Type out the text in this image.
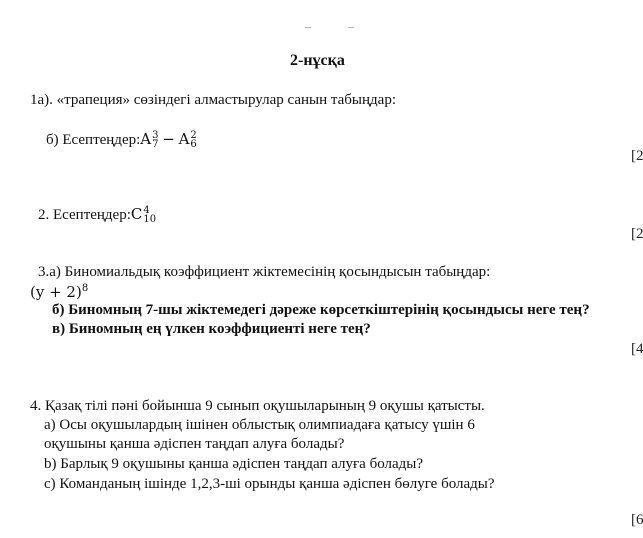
2-нұсқа
1а). «трапеция» сөзіндегі алмастырулар санын табыңдар:
б) Есептеңдер:A 3
7 − A 2
6
[2
2. Есептеңдер:C 4
10
[2
3.а) Биномиальдық коэффициент жіктемесінің қосындысын табыңдар:
$(y + 2)^8$
б) Биномның 7-шы жіктемедегі дәреже көрсеткіштерінің қосындысы неге тең?
в) Биномның ең үлкен коэффициенті неге тең?
[4
4. Қазақ тілі пәні бойынша 9 сынып оқушыларының 9 оқушы қатысты.
а) Осы оқушылардың ішінен облыстық олимпиадаға қатысу үшін 6
оқушыны қанша әдіспен таңдап алуға болады?
b) Барлық 9 оқушыны қанша әдіспен таңдап алуға болады?
с) Команданың ішінде 1,2,3-ші орынды қанша әдіспен бөлуге болады?
[6
